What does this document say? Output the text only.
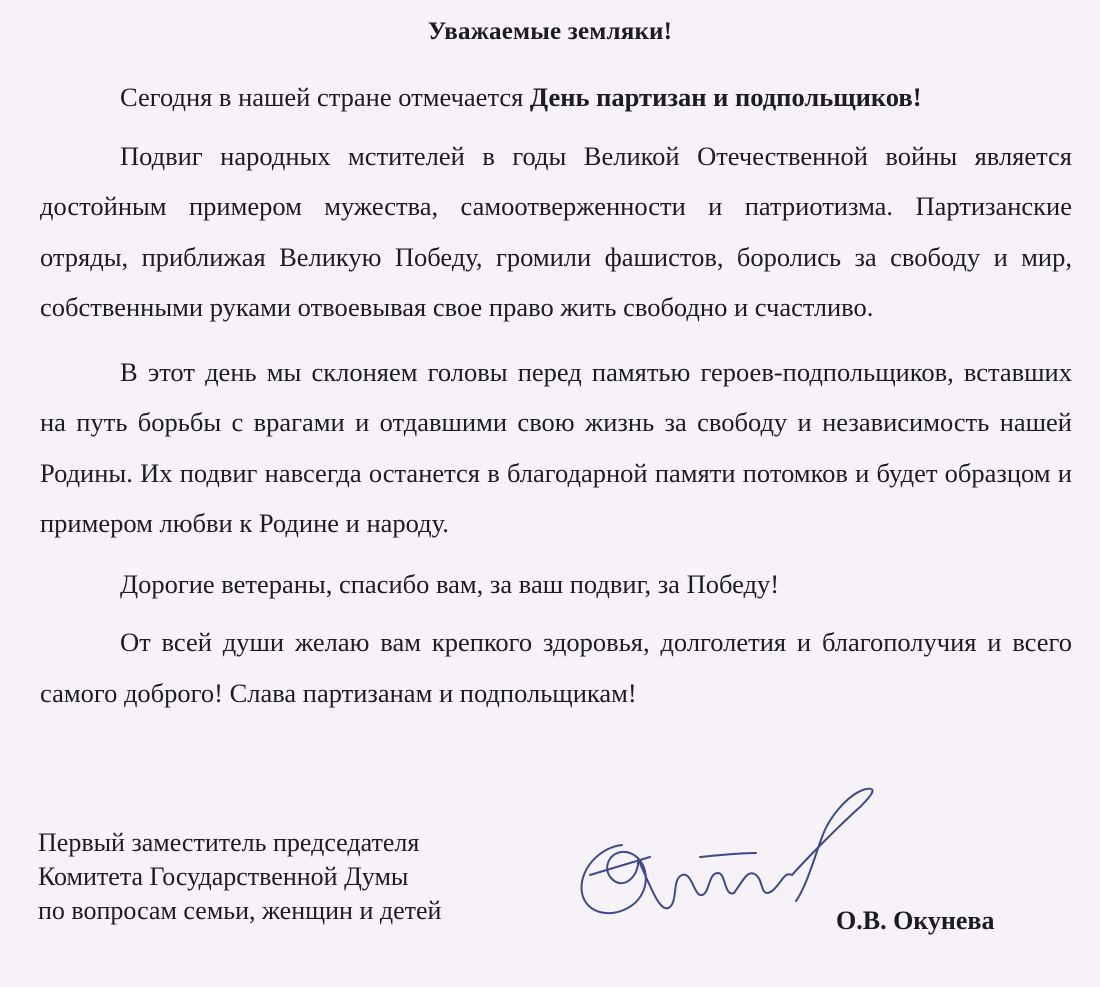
Уважаемые земляки!

Сегодня в нашей стране отмечается День партизан и подпольщиков!

Подвиг народных мстителей в годы Великой Отечественной войны является достойным примером мужества, самоотверженности и патриотизма. Партизанские отряды, приближая Великую Победу, громили фашистов, боролись за свободу и мир, собственными руками отвоевывая свое право жить свободно и счастливо.

В этот день мы склоняем головы перед памятью героев-подпольщиков, вставших на путь борьбы с врагами и отдавшими свою жизнь за свободу и независимость нашей Родины. Их подвиг навсегда останется в благодарной памяти потомков и будет образцом и примером любви к Родине и народу.

Дорогие ветераны, спасибо вам, за ваш подвиг, за Победу!

От всей души желаю вам крепкого здоровья, долголетия и благополучия и всего самого доброго! Слава партизанам и подпольщикам!

Первый заместитель председателя
Комитета Государственной Думы
по вопросам семьи, женщин и детей	О.В. Окунева
